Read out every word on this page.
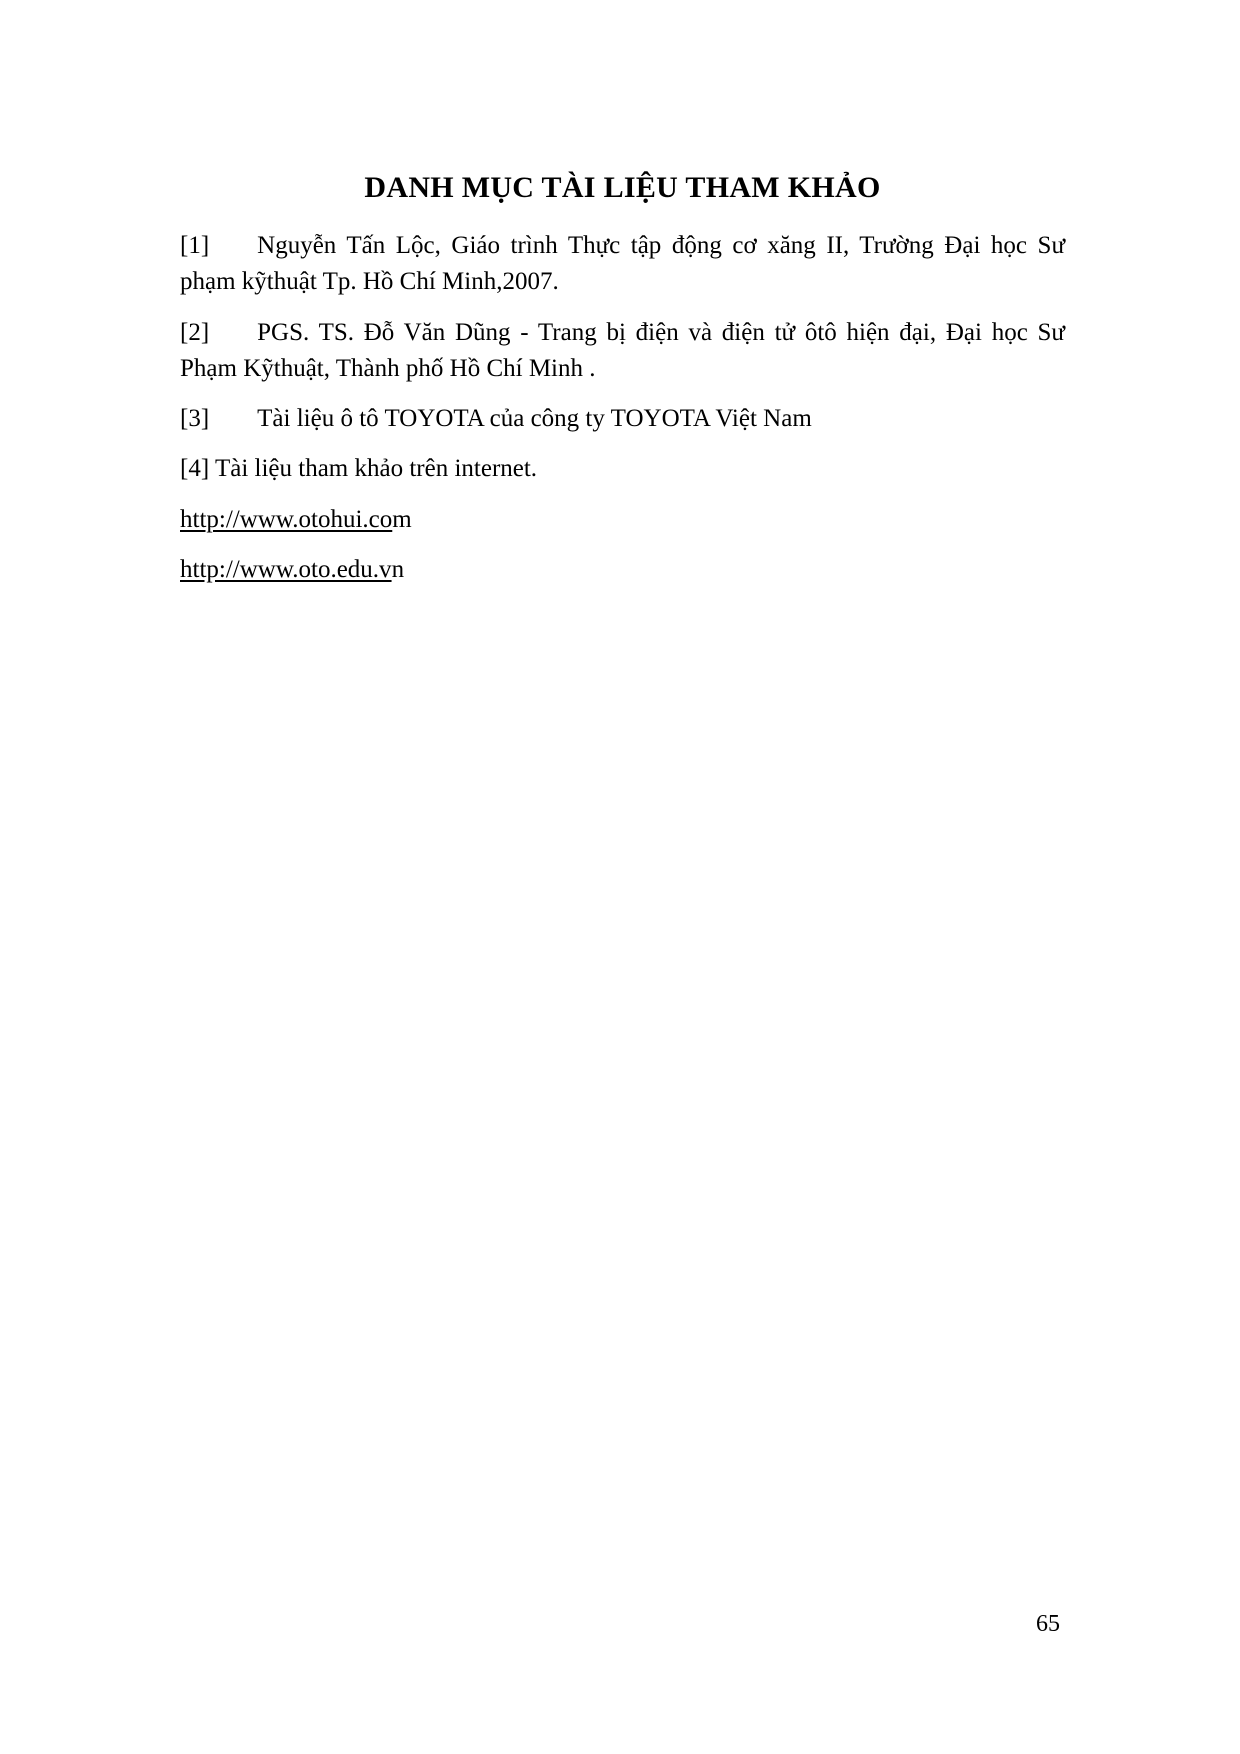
DANH MỤC TÀI LIỆU THAM KHẢO

[1] Nguyễn Tấn Lộc, Giáo trình Thực tập động cơ xăng II, Trường Đại học Sư phạm kỹthuật Tp. Hồ Chí Minh,2007.

[2] PGS. TS. Đỗ Văn Dũng - Trang bị điện và điện tử ôtô hiện đại, Đại học Sư Phạm Kỹthuật, Thành phố Hồ Chí Minh .

[3] Tài liệu ô tô TOYOTA của công ty TOYOTA Việt Nam

[4] Tài liệu tham khảo trên internet.

http://www.otohui.com

http://www.oto.edu.vn

65
